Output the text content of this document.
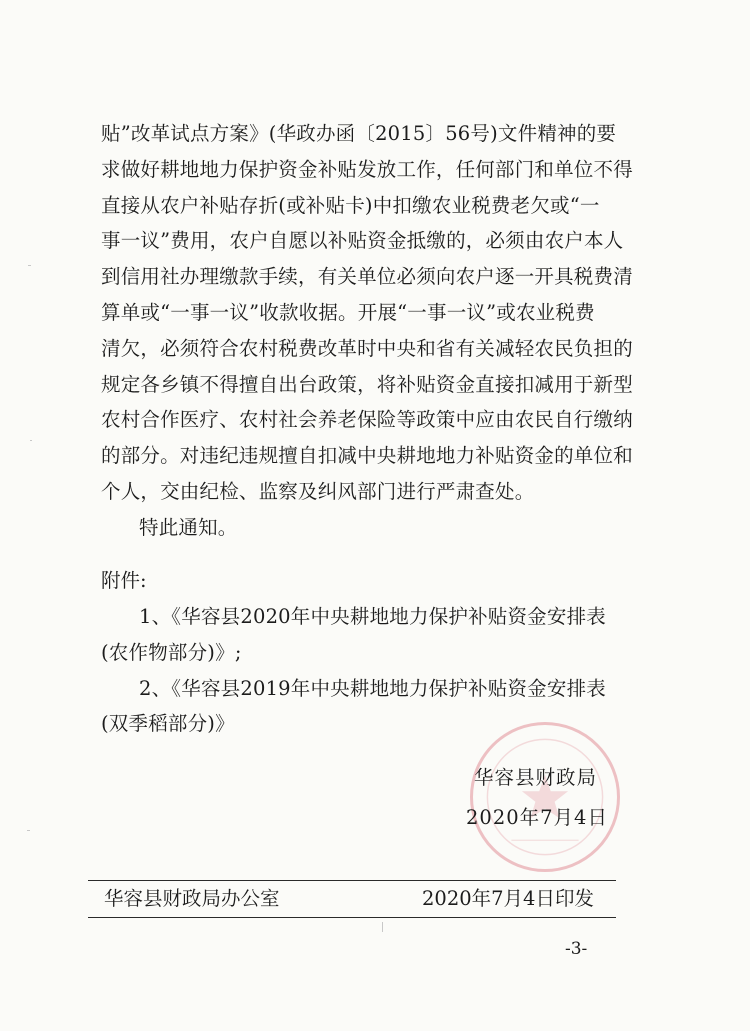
贴”改革试点方案》(华政办函〔2015〕56号)文件精神的要

求做好耕地地力保护资金补贴发放工作，任何部门和单位不得

直接从农户补贴存折(或补贴卡)中扣缴农业税费老欠或“一

事一议”费用，农户自愿以补贴资金抵缴的，必须由农户本人

到信用社办理缴款手续，有关单位必须向农户逐一开具税费清

算单或“一事一议”收款收据。开展“一事一议”或农业税费

清欠，必须符合农村税费改革时中央和省有关减轻农民负担的

规定各乡镇不得擅自出台政策，将补贴资金直接扣减用于新型

农村合作医疗、农村社会养老保险等政策中应由农民自行缴纳

的部分。对违纪违规擅自扣减中央耕地地力补贴资金的单位和

个人，交由纪检、监察及纠风部门进行严肃查处。

特此通知。

附件:

1、《华容县2020年中央耕地地力保护补贴资金安排表

(农作物部分)》;

2、《华容县2019年中央耕地地力保护补贴资金安排表

(双季稻部分)》

华容县财政局
2020年7月4日
华容县财政局办公室	2020年7月4日印发
-3-
